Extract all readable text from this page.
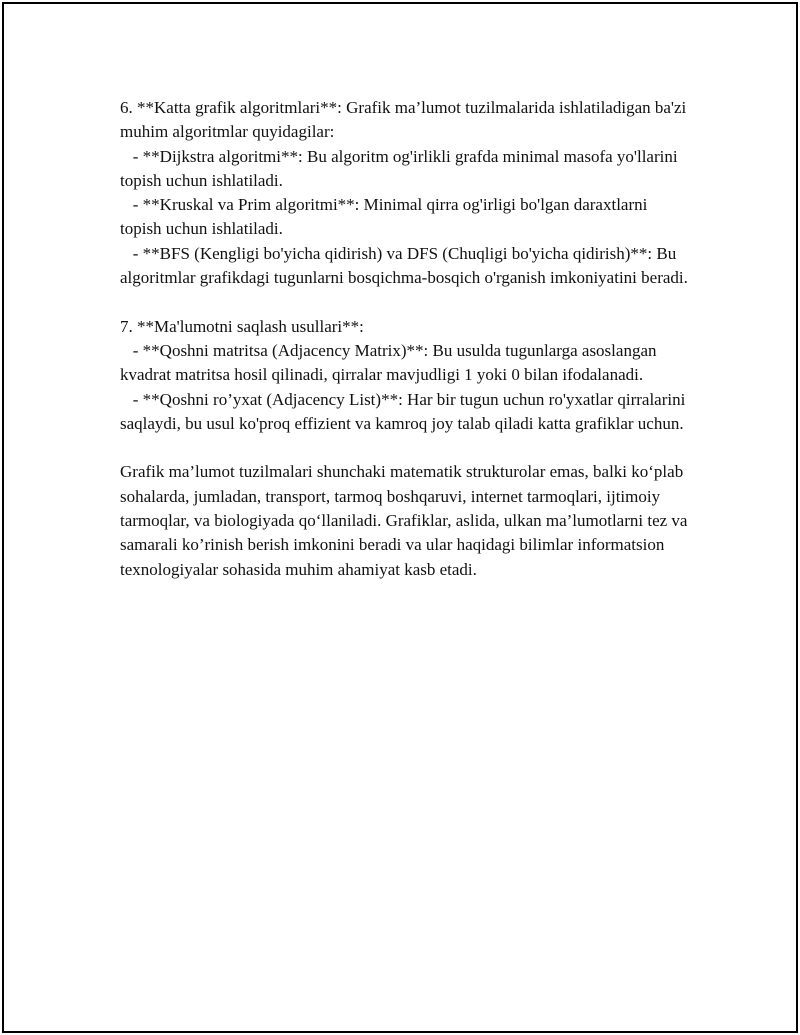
6. **Katta grafik algoritmlari**: Grafik ma’lumot tuzilmalarida ishlatiladigan ba'zi muhim algoritmlar quyidagilar:

- **Dijkstra algoritmi**: Bu algoritm og'irlikli grafda minimal masofa yo'llarini topish uchun ishlatiladi.

- **Kruskal va Prim algoritmi**: Minimal qirra og'irligi bo'lgan daraxtlarni topish uchun ishlatiladi.

- **BFS (Kengligi bo'yicha qidirish) va DFS (Chuqligi bo'yicha qidirish)**: Bu algoritmlar grafikdagi tugunlarni bosqichma-bosqich o'rganish imkoniyatini beradi.

7. **Ma'lumotni saqlash usullari**:

- **Qoshni matritsa (Adjacency Matrix)**: Bu usulda tugunlarga asoslangan kvadrat matritsa hosil qilinadi, qirralar mavjudligi 1 yoki 0 bilan ifodalanadi.

- **Qoshni ro’yxat (Adjacency List)**: Har bir tugun uchun ro'yxatlar qirralarini saqlaydi, bu usul ko'proq effizient va kamroq joy talab qiladi katta grafiklar uchun.

Grafik ma’lumot tuzilmalari shunchaki matematik strukturolar emas, balki ko‘plab sohalarda, jumladan, transport, tarmoq boshqaruvi, internet tarmoqlari, ijtimoiy tarmoqlar, va biologiyada qo‘llaniladi. Grafiklar, aslida, ulkan ma’lumotlarni tez va samarali ko’rinish berish imkonini beradi va ular haqidagi bilimlar informatsion texnologiyalar sohasida muhim ahamiyat kasb etadi.
